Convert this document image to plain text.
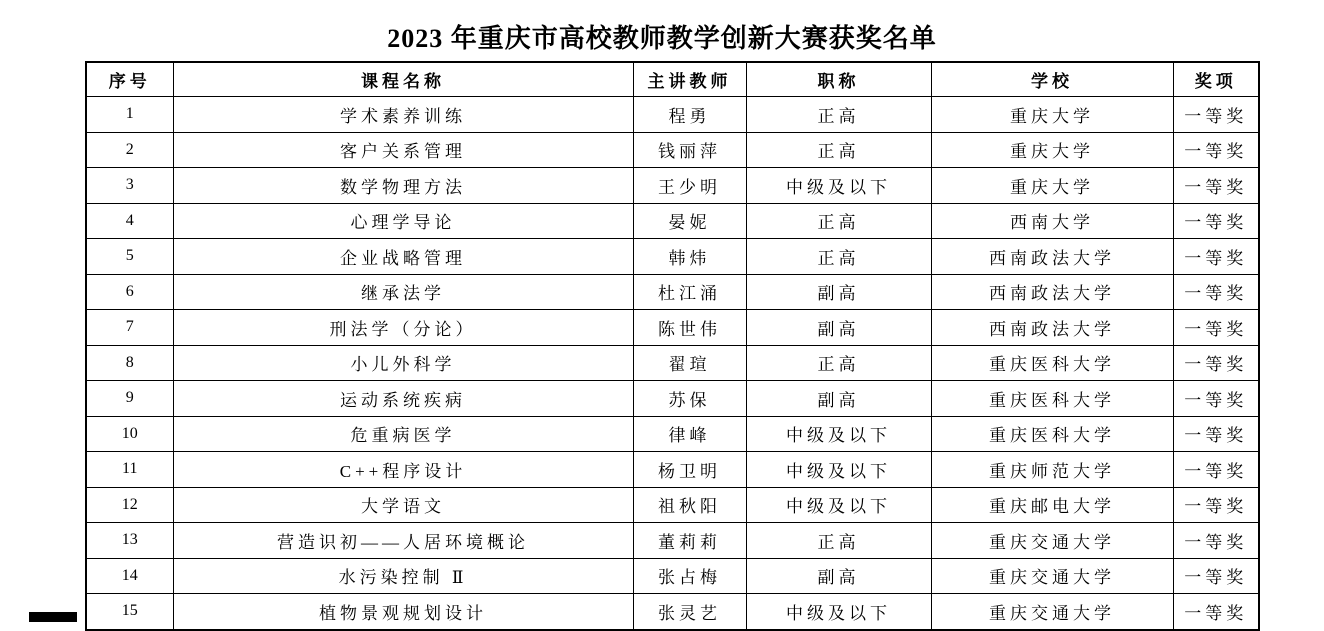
2023 年重庆市高校教师教学创新大赛获奖名单
序号	课程名称	主讲教师	职称	学校	奖项
1	学术素养训练	程勇	正高	重庆大学	一等奖
2	客户关系管理	钱丽萍	正高	重庆大学	一等奖
3	数学物理方法	王少明	中级及以下	重庆大学	一等奖
4	心理学导论	晏妮	正高	西南大学	一等奖
5	企业战略管理	韩炜	正高	西南政法大学	一等奖
6	继承法学	杜江涌	副高	西南政法大学	一等奖
7	刑法学（分论）	陈世伟	副高	西南政法大学	一等奖
8	小儿外科学	翟瑄	正高	重庆医科大学	一等奖
9	运动系统疾病	苏保	副高	重庆医科大学	一等奖
10	危重病医学	律峰	中级及以下	重庆医科大学	一等奖
11	C++程序设计	杨卫明	中级及以下	重庆师范大学	一等奖
12	大学语文	祖秋阳	中级及以下	重庆邮电大学	一等奖
13	营造识初——人居环境概论	董莉莉	正高	重庆交通大学	一等奖
14	水污染控制 Ⅱ	张占梅	副高	重庆交通大学	一等奖
15	植物景观规划设计	张灵艺	中级及以下	重庆交通大学	一等奖
